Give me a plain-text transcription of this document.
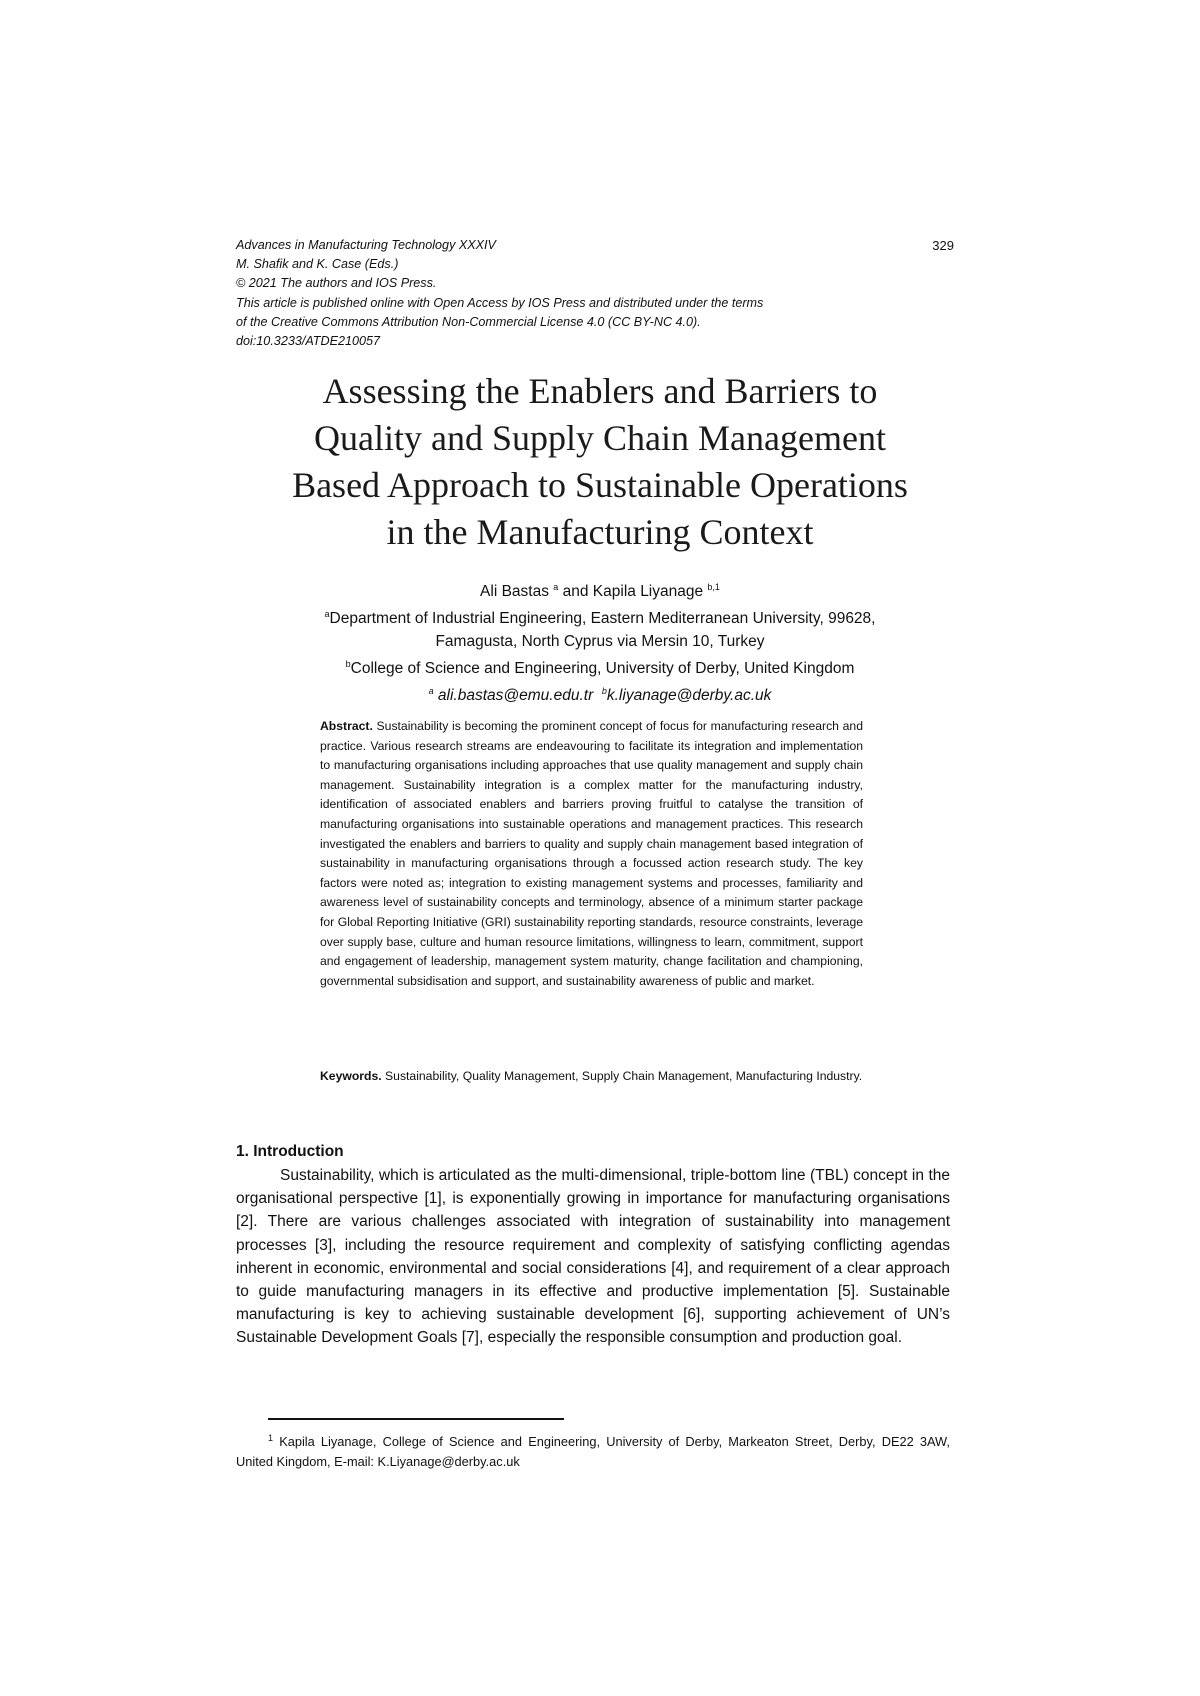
329
Advances in Manufacturing Technology XXXIV
M. Shafik and K. Case (Eds.)
© 2021 The authors and IOS Press.
This article is published online with Open Access by IOS Press and distributed under the terms
of the Creative Commons Attribution Non-Commercial License 4.0 (CC BY-NC 4.0).
doi:10.3233/ATDE210057
Assessing the Enablers and Barriers to
Quality and Supply Chain Management
Based Approach to Sustainable Operations
in the Manufacturing Context
Ali Bastas $^a$ and Kapila Liyanage $^{b,1}$
$^a$Department of Industrial Engineering, Eastern Mediterranean University, 99628,
Famagusta, North Cyprus via Mersin 10, Turkey
$^b$College of Science and Engineering, University of Derby, United Kingdom
$^a$ ali.bastas@emu.edu.tr $^b$k.liyanage@derby.ac.uk

Abstract. Sustainability is becoming the prominent concept of focus for manufacturing research and practice. Various research streams are endeavouring to facilitate its integration and implementation to manufacturing organisations including approaches that use quality management and supply chain management. Sustainability integration is a complex matter for the manufacturing industry, identification of associated enablers and barriers proving fruitful to catalyse the transition of manufacturing organisations into sustainable operations and management practices. This research investigated the enablers and barriers to quality and supply chain management based integration of sustainability in manufacturing organisations through a focussed action research study. The key factors were noted as; integration to existing management systems and processes, familiarity and awareness level of sustainability concepts and terminology, absence of a minimum starter package for Global Reporting Initiative (GRI) sustainability reporting standards, resource constraints, leverage over supply base, culture and human resource limitations, willingness to learn, commitment, support and engagement of leadership, management system maturity, change facilitation and championing, governmental subsidisation and support, and sustainability awareness of public and market.

Keywords. Sustainability, Quality Management, Supply Chain Management, Manufacturing Industry.
1. Introduction

Sustainability, which is articulated as the multi-dimensional, triple-bottom line (TBL) concept in the organisational perspective [1], is exponentially growing in importance for manufacturing organisations [2]. There are various challenges associated with integration of sustainability into management processes [3], including the resource requirement and complexity of satisfying conflicting agendas inherent in economic, environmental and social considerations [4], and requirement of a clear approach to guide manufacturing managers in its effective and productive implementation [5]. Sustainable manufacturing is key to achieving sustainable development [6], supporting achievement of UN’s Sustainable Development Goals [7], especially the responsible consumption and production goal.

$^1$ Kapila Liyanage, College of Science and Engineering, University of Derby, Markeaton Street, Derby, DE22 3AW, United Kingdom, E-mail: K.Liyanage@derby.ac.uk
